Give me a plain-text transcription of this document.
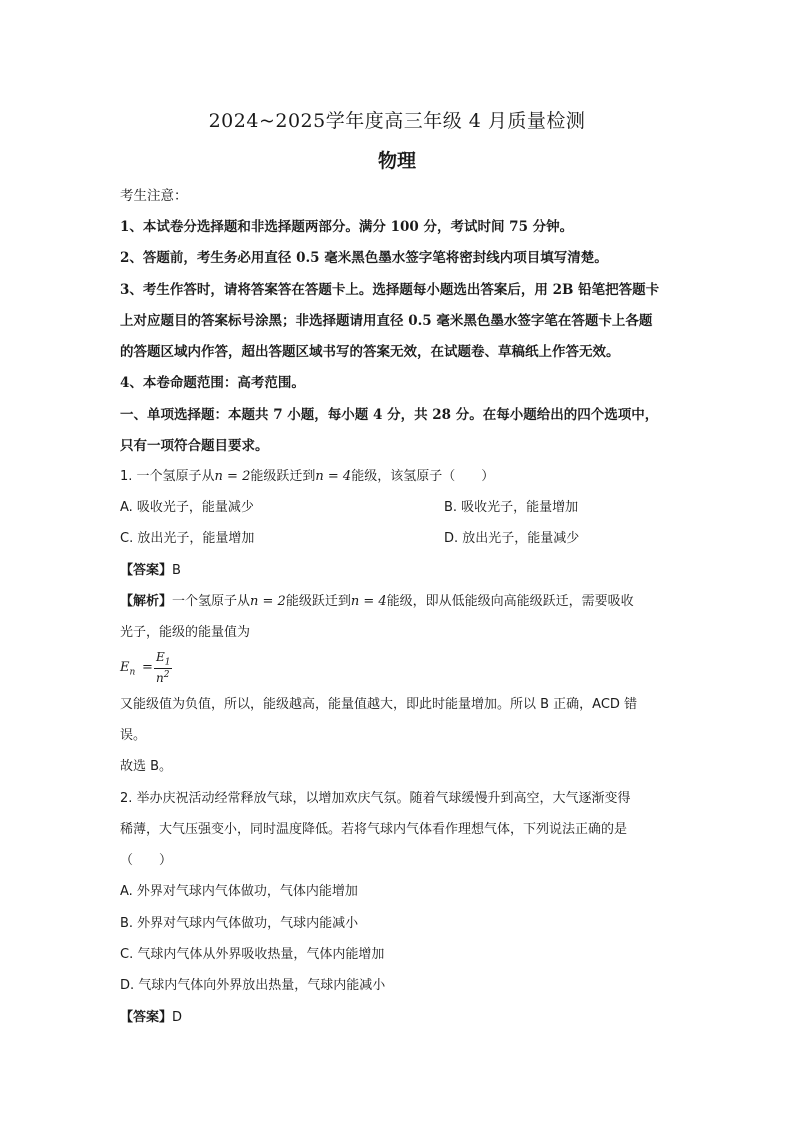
2024~2025学年度高三年级 4 月质量检测
物理
考生注意：
1、本试卷分选择题和非选择题两部分。满分 100 分，考试时间 75 分钟。
2、答题前，考生务必用直径 0.5 毫米黑色墨水签字笔将密封线内项目填写清楚。
3、考生作答时，请将答案答在答题卡上。选择题每小题选出答案后，用 2B 铅笔把答题卡
上对应题目的答案标号涂黑；非选择题请用直径 0.5 毫米黑色墨水签字笔在答题卡上各题
的答题区域内作答，超出答题区域书写的答案无效，在试题卷、草稿纸上作答无效。
4、本卷命题范围：高考范围。
一、单项选择题：本题共 7 小题，每小题 4 分，共 28 分。在每小题给出的四个选项中，
只有一项符合题目要求。
1. 一个氢原子从n = 2能级跃迁到n = 4能级，该氢原子（　　）
A. 吸收光子，能量减少	B. 吸收光子，能量增加
C. 放出光子，能量增加	D. 放出光子，能量减少
【答案】B
【解析】一个氢原子从n = 2能级跃迁到n = 4能级，即从低能级向高能级跃迁，需要吸收
光子，能级的能量值为
$E_n$ =
$E_1$
$n^2$
又能级值为负值，所以，能级越高，能量值越大，即此时能量增加。所以 B 正确，ACD 错
误。
故选 B。
2. 举办庆祝活动经常释放气球，以增加欢庆气氛。随着气球缓慢升到高空，大气逐渐变得
稀薄，大气压强变小，同时温度降低。若将气球内气体看作理想气体，下列说法正确的是
（　　）
A. 外界对气球内气体做功，气体内能增加
B. 外界对气球内气体做功，气球内能减小
C. 气球内气体从外界吸收热量，气体内能增加
D. 气球内气体向外界放出热量，气球内能减小
【答案】D
